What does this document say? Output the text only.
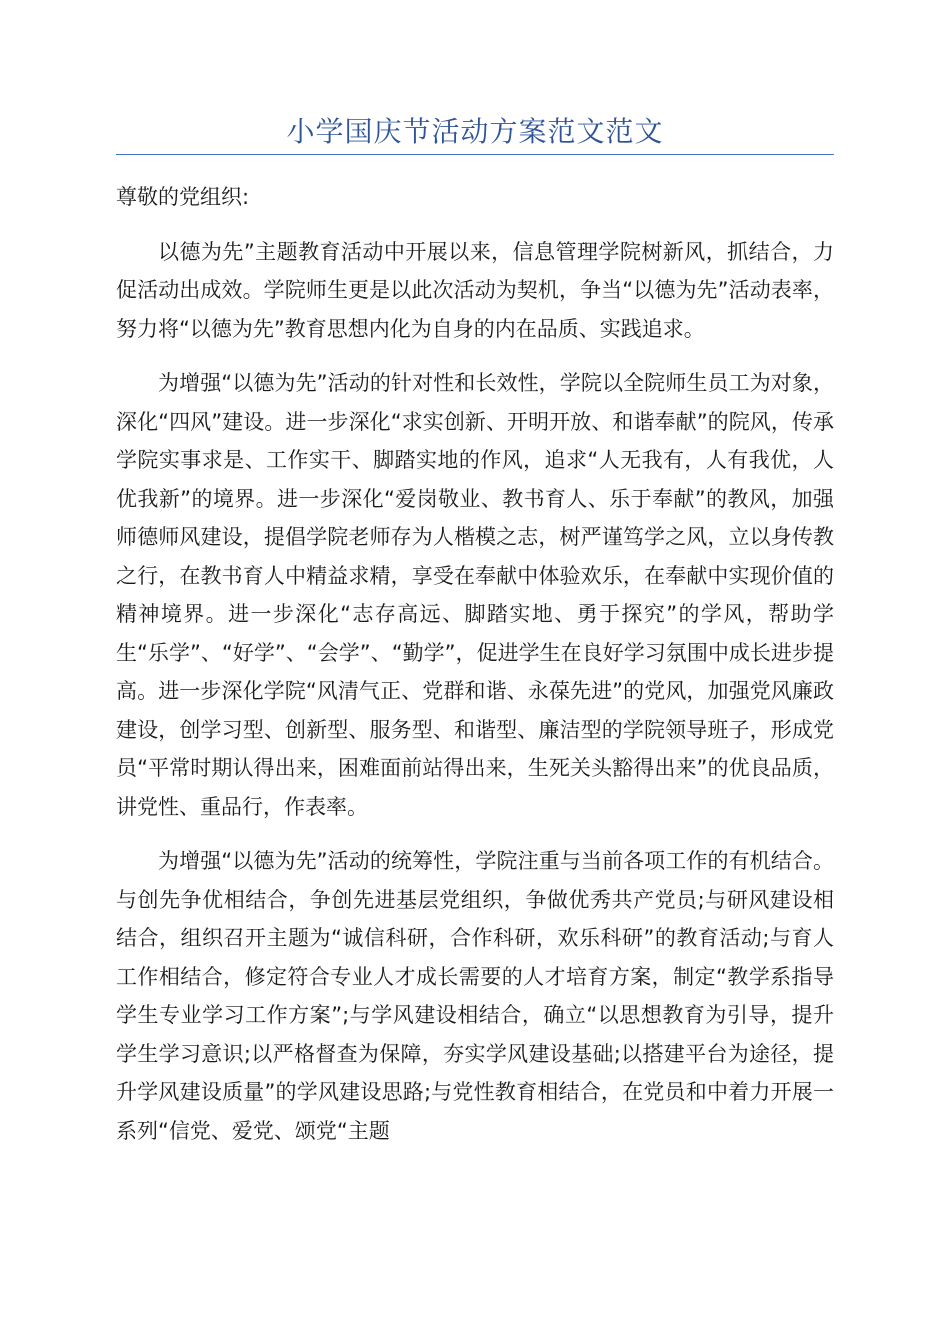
小学国庆节活动方案范文范文

尊敬的党组织:

以德为先”主题教育活动中开展以来，信息管理学院树新风，抓结合，力促活动出成效。学院师生更是以此次活动为契机，争当“以德为先”活动表率，努力将“以德为先”教育思想内化为自身的内在品质、实践追求。

为增强“以德为先”活动的针对性和长效性，学院以全院师生员工为对象，深化“四风”建设。进一步深化“求实创新、开明开放、和谐奉献”的院风，传承学院实事求是、工作实干、脚踏实地的作风，追求“人无我有，人有我优，人优我新”的境界。进一步深化“爱岗敬业、教书育人、乐于奉献”的教风，加强师德师风建设，提倡学院老师存为人楷模之志，树严谨笃学之风，立以身传教之行，在教书育人中精益求精，享受在奉献中体验欢乐，在奉献中实现价值的精神境界。进一步深化“志存高远、脚踏实地、勇于探究”的学风，帮助学生“乐学”、“好学”、“会学”、“勤学”，促进学生在良好学习氛围中成长进步提高。进一步深化学院“风清气正、党群和谐、永葆先进”的党风，加强党风廉政建设，创学习型、创新型、服务型、和谐型、廉洁型的学院领导班子，形成党员“平常时期认得出来，困难面前站得出来，生死关头豁得出来”的优良品质，讲党性、重品行，作表率。

为增强“以德为先”活动的统筹性，学院注重与当前各项工作的有机结合。与创先争优相结合，争创先进基层党组织，争做优秀共产党员;与研风建设相结合，组织召开主题为“诚信科研，合作科研，欢乐科研”的教育活动;与育人工作相结合，修定符合专业人才成长需要的人才培育方案，制定“教学系指导学生专业学习工作方案”;与学风建设相结合，确立“以思想教育为引导，提升学生学习意识;以严格督查为保障，夯实学风建设基础;以搭建平台为途径，提升学风建设质量”的学风建设思路;与党性教育相结合，在党员和中着力开展一系列“信党、爱党、颂党“主题
